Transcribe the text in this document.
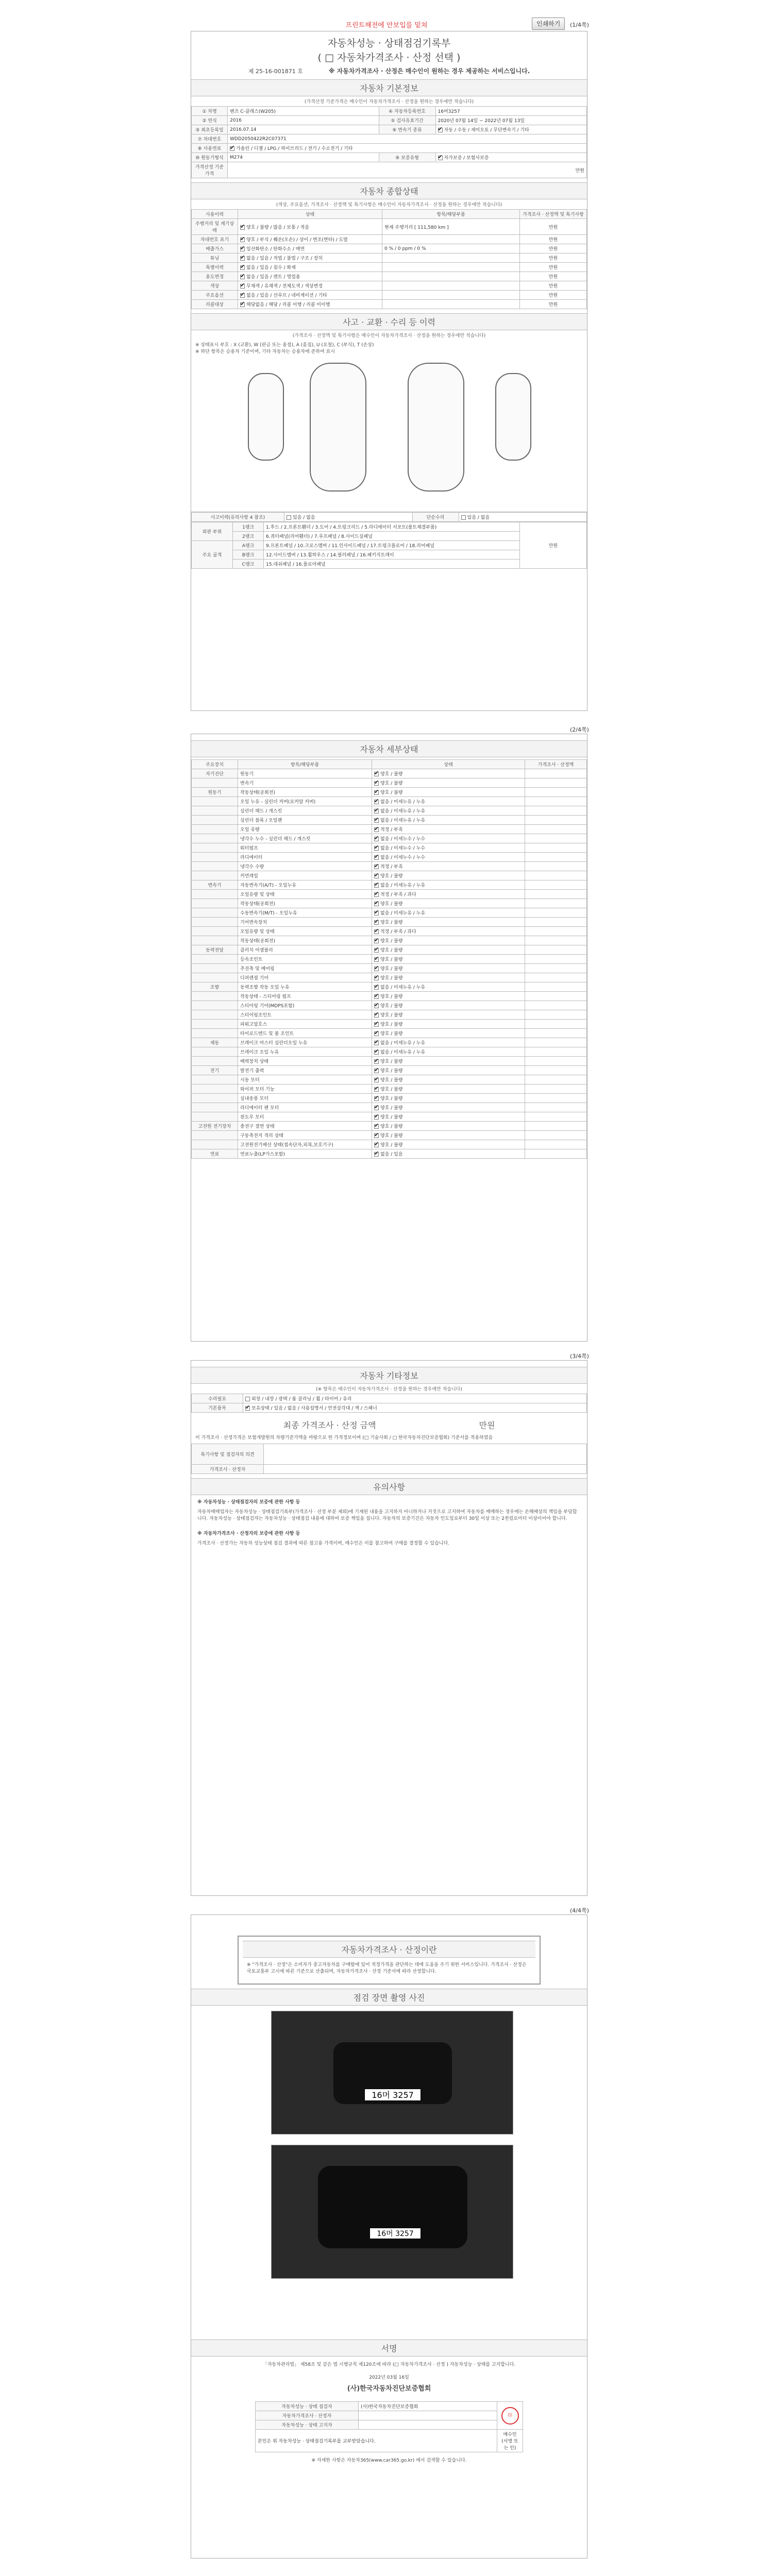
프린트해전에 안보입를 밑쳐	인쇄하기	(1/4쪽)
자동차성능 · 상태점검기록부
( □ 자동차가격조사 · 산정 선택 )
제 25-16-001871 호	※ 자동차가격조사 · 산정은 매수인이 원하는 경우 제공하는 서비스입니다.
자동차 기본정보
(가격산정 기준가격은 매수인이 자동차가격조사 · 산정을 원하는 경우에만 적습니다)
① 차명	벤츠 C-클래스(W205)	④ 자동차등록번호	16머3257
② 연식	2016	⑤ 검사유효기간	2020년 07월 14일 ~ 2022년 07월 13일
③ 최초등록일	2016.07.14	⑥ 변속기 종류	✔자동 / 수동 / 세미오토 / 무단변속기 / 기타
⑦ 차대번호	WDD2050422R2C07371		
⑧ 사용연료	✔가솔린 / 디젤 / LPG / 하이브리드 / 전기 / 수소전기 / 기타
⑩ 원동기형식	M274	⑨ 보증유형	✔자가보증 / 보험사보증
가격산정 기준가격	만원		
자동차 종합상태
(색상, 주요옵션, 가격조사 · 산정액 및 특기사항은 매수인이 자동차가격조사 · 산정을 원하는 경우에만 적습니다)
사용이력	상태	항목/해당부품	가격조사 · 산정액 및 특기사항
주행거리 및 계기상태	✔양호 / 불량 / 많음 / 보통 / 적음	현재 주행거리 [ 111,580 km ]	만원
차대번호 표기	✔양호 / 부식 / 훼손(오손) / 상이 / 변조(변타) / 도말		만원
배출가스	✔일산화탄소 / 탄화수소 / 매연	0 % / 0 ppm / 0 %	만원
튜닝	✔없음 / 있음 / 적법 / 불법 / 구조 / 장치		만원
특별이력	✔없음 / 있음 / 침수 / 화재		만원
용도변경	✔없음 / 있음 / 렌트 / 영업용		만원
색상	✔무채색 / 유채색 / 전체도색 / 색상변경		만원
주요옵션	✔없음 / 있음 / 선루프 / 네비게이션 / 기타		만원
리콜대상	✔해당없음 / 해당 / 리콜 이행 / 리콜 미이행		만원
사고 · 교환 · 수리 등 이력
(가격조사 · 산정액 및 특기사항은 매수인이 자동차가격조사 · 산정을 원하는 경우에만 적습니다)
※ 상태표시 부호 : X (교환), W (판금 또는 용접), A (흠집), U (요철), C (부식), T (손상)
※ 하단 항목은 승용차 기준이며, 기타 자동차는 승용차에 준하여 표시
사고이력(유의사항 4 참조)	있음 / 없음	단순수리	있음 / 없음
외판 부위	1랭크	1.후드 / 2.프론트휀더 / 3.도어 / 4.트렁크리드 / 5.라디에이터 서포트(볼트체결부품)	만원
	2랭크	6.쿼터패널(리어휀더) / 7.루프패널 / 8.사이드실패널	
주요 골격	A랭크	9.프론트패널 / 10.크로스멤버 / 11.인사이드패널 / 17.트렁크플로어 / 18.리어패널	
	B랭크	12.사이드멤버 / 13.휠하우스 / 14.필러패널 / 16.패키지트레이	
	C랭크	15.대쉬패널 / 16.플로어패널	
(2/4쪽)
자동차 세부상태
주요장치	항목/해당부품	상태	가격조사 · 산정액
자기진단	원동기	✔양호 / 불량	
	변속기	✔양호 / 불량	
원동기	작동상태(공회전)	✔양호 / 불량	
	오일 누유 - 실린더 커버(로커암 커버)	✔없음 / 미세누유 / 누유	
	실린더 헤드 / 개스킷	✔없음 / 미세누유 / 누유	
	실린더 블록 / 오일팬	✔없음 / 미세누유 / 누유	
	오일 유량	✔적정 / 부족	
	냉각수 누수 - 실린더 헤드 / 개스킷	✔없음 / 미세누수 / 누수	
	워터펌프	✔없음 / 미세누수 / 누수	
	라디에이터	✔없음 / 미세누수 / 누수	
	냉각수 수량	✔적정 / 부족	
	커먼레일	✔양호 / 불량	
변속기	자동변속기(A/T) - 오일누유	✔없음 / 미세누유 / 누유	
	오일유량 및 상태	✔적정 / 부족 / 과다	
	작동상태(공회전)	✔양호 / 불량	
	수동변속기(M/T) - 오일누유	✔없음 / 미세누유 / 누유	
	기어변속장치	✔양호 / 불량	
	오일유량 및 상태	✔적정 / 부족 / 과다	
	작동상태(공회전)	✔양호 / 불량	
동력전달	클러치 어셈블리	✔양호 / 불량	
	등속조인트	✔양호 / 불량	
	추진축 및 베어링	✔양호 / 불량	
	디퍼렌셜 기어	✔양호 / 불량	
조향	동력조향 작동 오일 누유	✔없음 / 미세누유 / 누유	
	작동상태 - 스티어링 펌프	✔양호 / 불량	
	스티어링 기어(MDPS포함)	✔양호 / 불량	
	스티어링조인트	✔양호 / 불량	
	파워고압호스	✔양호 / 불량	
	타이로드엔드 및 볼 조인트	✔양호 / 불량	
제동	브레이크 마스터 실린더오일 누유	✔없음 / 미세누유 / 누유	
	브레이크 오일 누유	✔없음 / 미세누유 / 누유	
	배력장치 상태	✔양호 / 불량	
전기	발전기 출력	✔양호 / 불량	
	시동 모터	✔양호 / 불량	
	와이퍼 모터 기능	✔양호 / 불량	
	실내송풍 모터	✔양호 / 불량	
	라디에이터 팬 모터	✔양호 / 불량	
	윈도우 모터	✔양호 / 불량	
고전원 전기장치	충전구 절연 상태	✔양호 / 불량	
	구동축전지 격리 상태	✔양호 / 불량	
	고전원전기배선 상태(접속단자,피복,보호기구)	✔양호 / 불량	
연료	연료누출(LP가스포함)	✔없음 / 있음	
(3/4쪽)
자동차 기타정보
(※ 항목은 매수인이 자동차가격조사 · 산정을 원하는 경우에만 적습니다)
수리필요	외장 / 내장 / 광택 / 룸 클리닝 / 휠 / 타이어 / 유리
기본품목	✔보유상태 / 있음 / 없음 / 사용설명서 / 안전삼각대 / 잭 / 스패너
최종 가격조사 · 산정 금액	만원
이 가격조사 · 산정가격은 보험개발원의 차량기준가액을 바탕으로 한 가격정보이며 (□ 기술사회 / □ 한국자동차진단보증협회) 기준서를 적용하였음
특기사항 및 점검자의 의견	
가격조사 · 산정자	
유의사항
※ 자동차성능 · 상태점검자의 보증에 관한 사항 등

자동차매매업자는 자동차성능 · 상태점검기록부(가격조사 · 산정 부분 제외)에 기재된 내용을 고지하지 아니하거나 거짓으로 고지하여 자동차를 매매하는 경우에는 손해배상의 책임을 부담합니다. 자동차성능 · 상태점검자는 자동차성능 · 상태점검 내용에 대하여 보증 책임을 집니다. 자동차의 보증기간은 자동차 인도일로부터 30일 이상 또는 2천킬로미터 이상이어야 합니다.

※ 자동차가격조사 · 산정자의 보증에 관한 사항 등

가격조사 · 산정가는 자동차 성능상태 점검 결과에 따른 참고용 가격이며, 매수인은 이를 참고하여 구매를 결정할 수 있습니다.

(4/4쪽)
자동차가격조사 · 산정이란
※ "가격조사 · 산정"은 소비자가 중고자동차를 구매함에 있어 적정가격을 판단하는 데에 도움을 주기 위한 서비스입니다. 가격조사 · 산정은 국토교통부 고시에 따른 기준으로 산출되며, 자동차가격조사 · 산정 기준서에 따라 산정합니다.
점검 장면 촬영 사진
16머 3257
16머 3257
서명

「자동차관리법」 제58조 및 같은 법 시행규칙 제120조에 따라 (□ 자동차가격조사 · 산정 ) 자동차성능 · 상태를 고지합니다.

2022년 03월 16일

(사)한국자동차진단보증협회

자동차성능 · 상태 점검자	(사)한국자동차진단보증협회	印
자동차가격조사 · 산정자		
자동차성능 · 상태 고지자		
본인은 위 자동차성능 · 상태점검기록부를 교부받았습니다.		매수인 (서명 또는 인)
※ 자세한 사항은 자동차365(www.car365.go.kr) 에서 검색할 수 있습니다.
